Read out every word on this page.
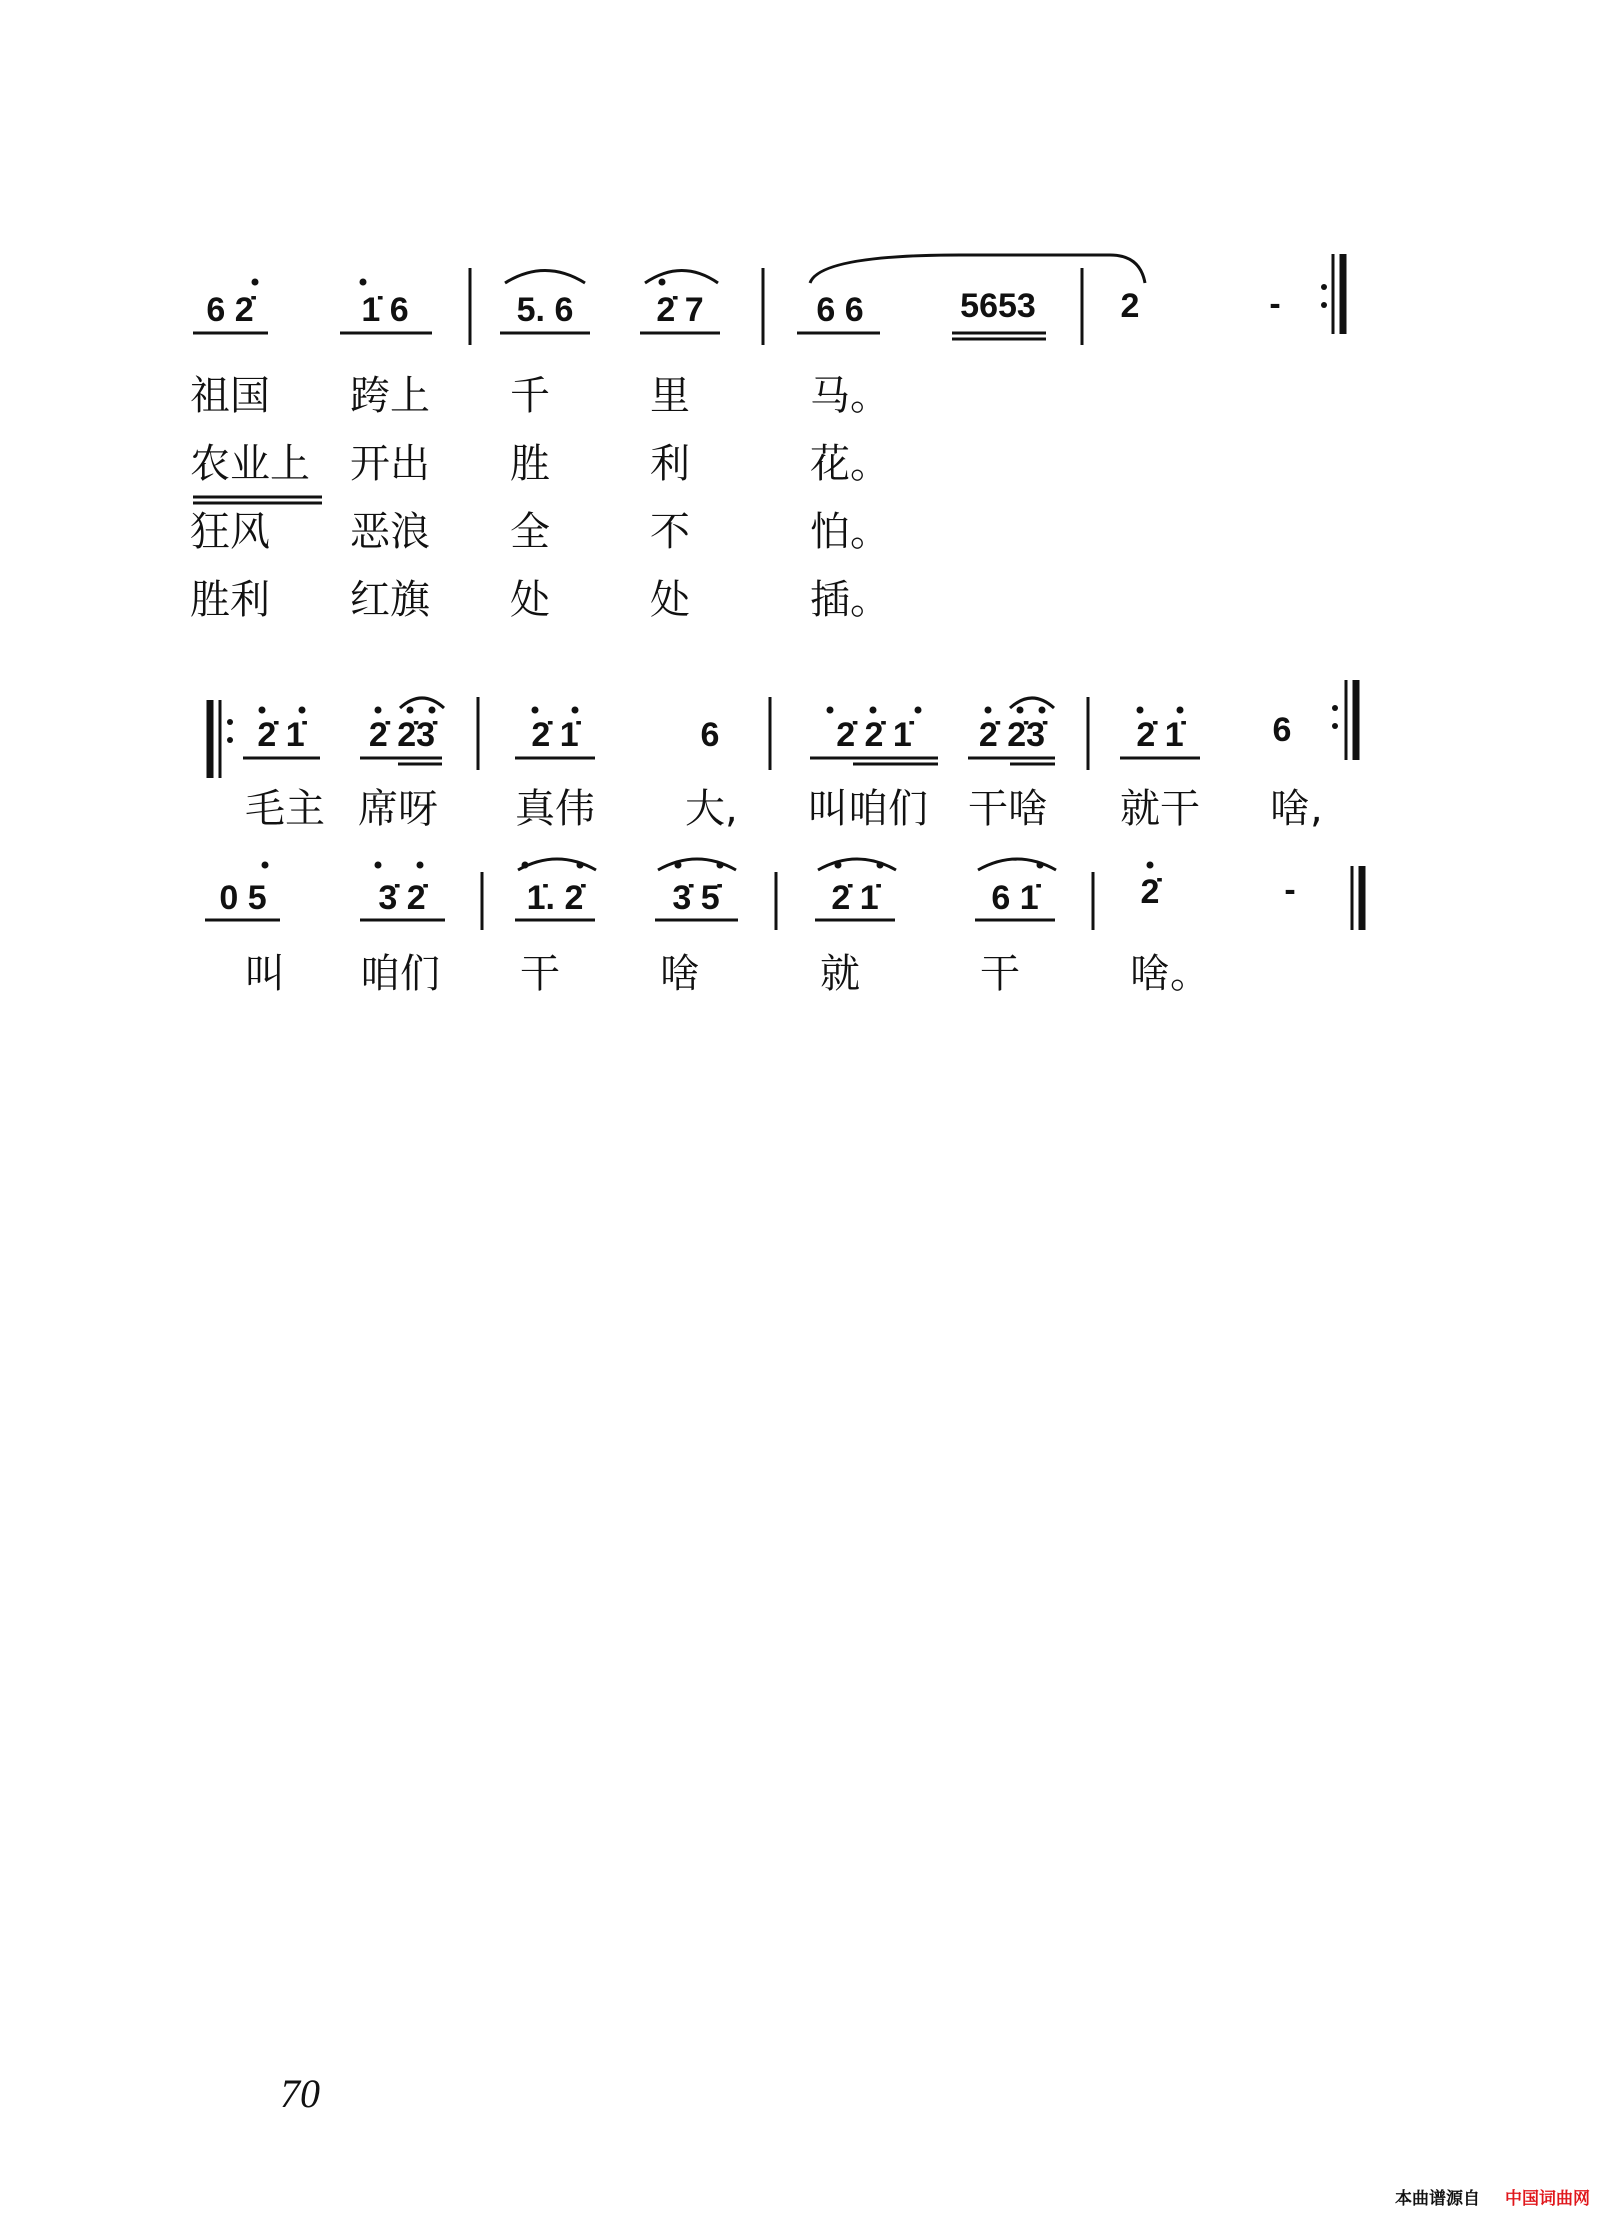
6 2̇	1̇ 6	5. 6	2̇ 7	6 6	5653	2	-
祖国 跨上 千	里	马。
农业上 开出 胜	利	花。
狂风 恶浪 全	不	怕。
胜利 红旗 处	处	插。
2̇ 1̇	2̇ 2̇3̇	2̇ 1̇	6	2̇ 2̇ 1̇	2̇ 2̇3̇	2̇ 1̇	6
毛主 席呀 真伟 大, 叫咱们 干啥 就干 啥,
0 5	3̇ 2̇	1̇. 2̇	3̇ 5̇	2̇ 1̇	6 1̇	2̇	-
叫 咱们 干	啥	就	干	啥。
70
本曲谱源自 中国词曲网
